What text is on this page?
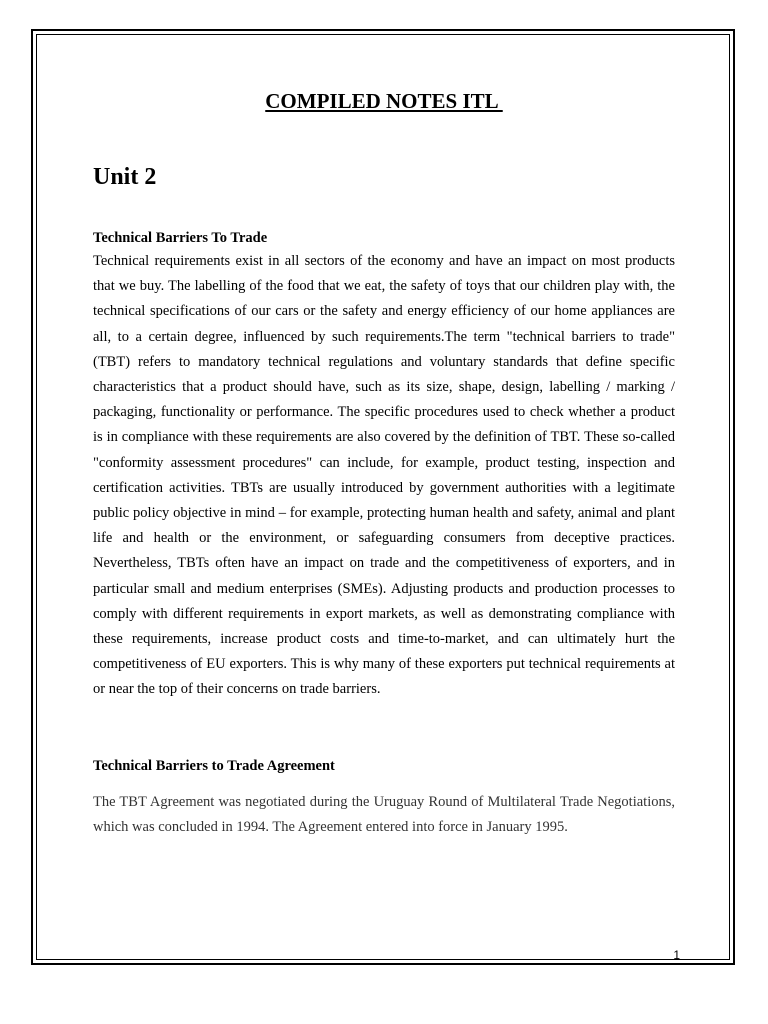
COMPILED NOTES ITL
Unit 2
Technical Barriers To Trade

Technical requirements exist in all sectors of the economy and have an impact on most products that we buy. The labelling of the food that we eat, the safety of toys that our children play with, the technical specifications of our cars or the safety and energy efficiency of our home appliances are all, to a certain degree, influenced by such requirements.The term "technical barriers to trade" (TBT) refers to mandatory technical regulations and voluntary standards that define specific characteristics that a product should have, such as its size, shape, design, labelling / marking / packaging, functionality or performance. The specific procedures used to check whether a product is in compliance with these requirements are also covered by the definition of TBT. These so-called "conformity assessment procedures" can include, for example, product testing, inspection and certification activities. TBTs are usually introduced by government authorities with a legitimate public policy objective in mind – for example, protecting human health and safety, animal and plant life and health or the environment, or safeguarding consumers from deceptive practices. Nevertheless, TBTs often have an impact on trade and the competitiveness of exporters, and in particular small and medium enterprises (SMEs). Adjusting products and production processes to comply with different requirements in export markets, as well as demonstrating compliance with these requirements, increase product costs and time-to-market, and can ultimately hurt the competitiveness of EU exporters. This is why many of these exporters put technical requirements at or near the top of their concerns on trade barriers.

Technical Barriers to Trade Agreement

The TBT Agreement was negotiated during the Uruguay Round of Multilateral Trade Negotiations, which was concluded in 1994. The Agreement entered into force in January 1995.

1
